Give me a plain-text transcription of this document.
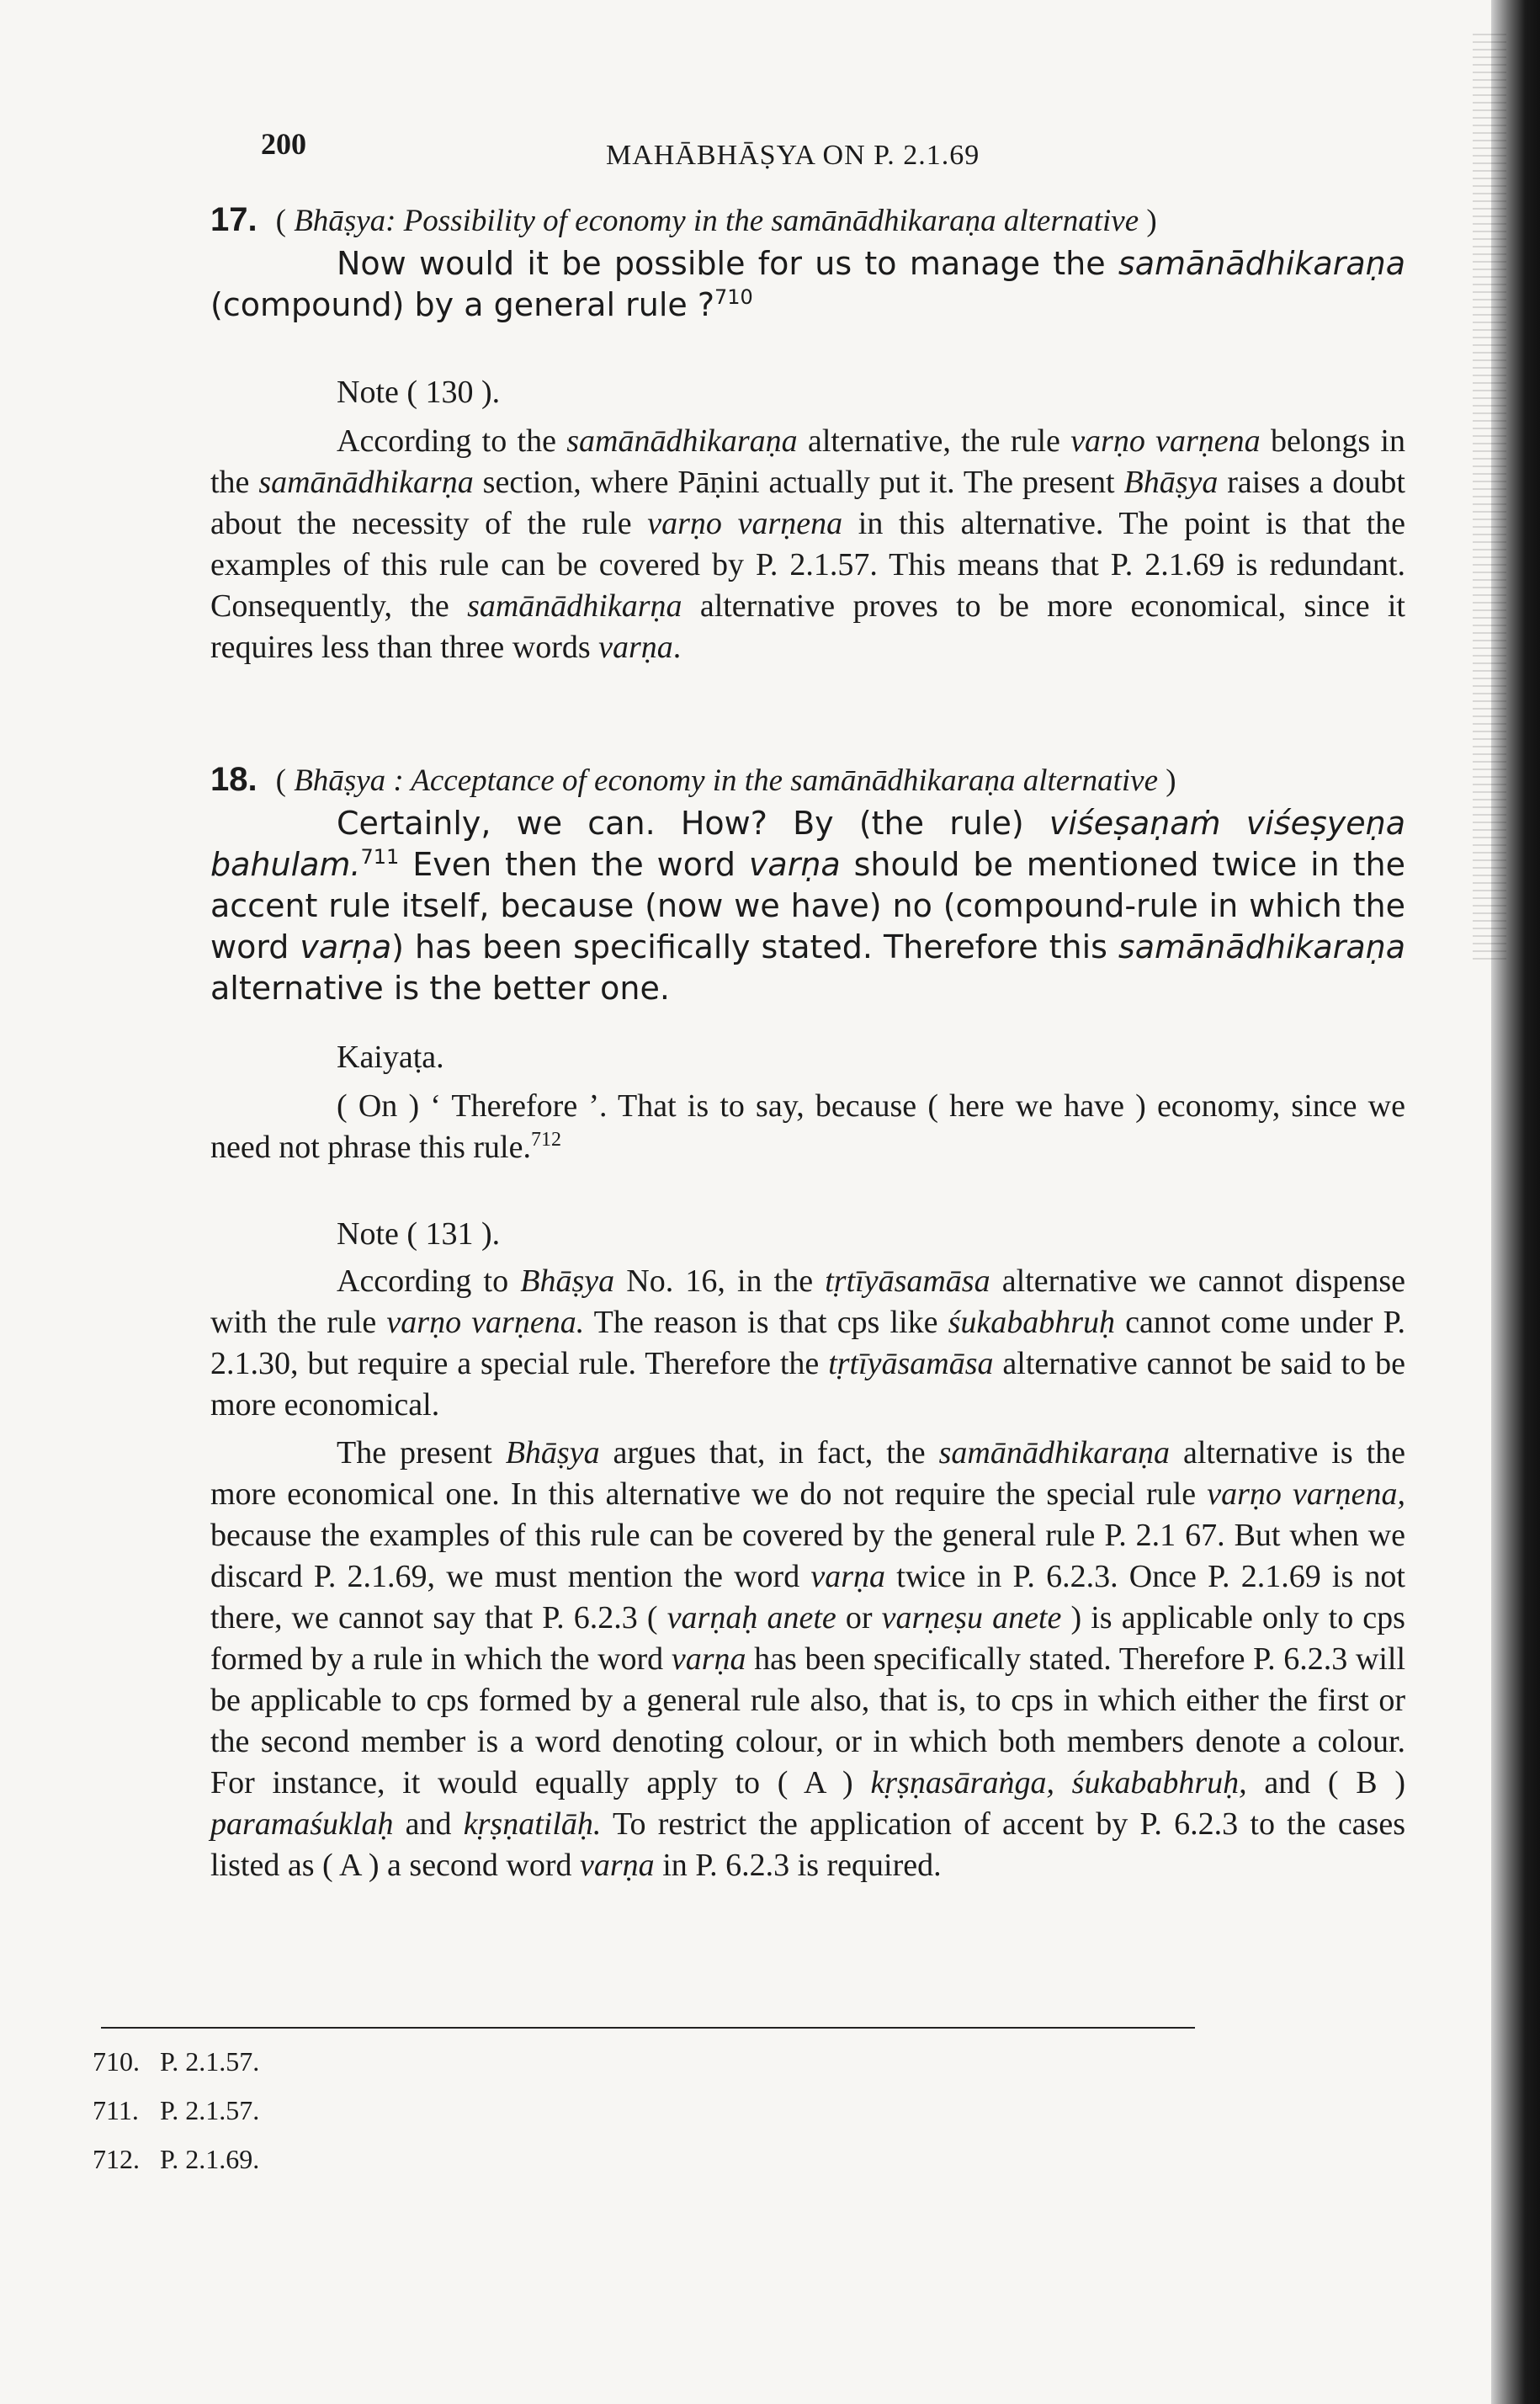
200	MAHĀBHĀṢYA ON P. 2.1.69
17. ( Bhāṣya: Possibility of economy in the samānādhikaraṇa alternative )

Now would it be possible for us to manage the samānādhikaraṇa (compound) by a general rule ?$^{710}$

Note ( 130 ).

According to the samānādhikaraṇa alternative, the rule varṇo varṇena belongs in the samānādhikarṇa section, where Pāṇini actually put it. The present Bhāṣya raises a doubt about the necessity of the rule varṇo varṇena in this alternative. The point is that the examples of this rule can be covered by P. 2.1.57. This means that P. 2.1.69 is redundant. Consequently, the samānādhikarṇa alternative proves to be more economical, since it requires less than three words varṇa.

18. ( Bhāṣya : Acceptance of economy in the samānādhikaraṇa alternative )

Certainly, we can. How? By (the rule) viśeṣaṇaṁ viśeṣyeṇa bahulam.$^{711}$ Even then the word varṇa should be mentioned twice in the accent rule itself, because (now we have) no (compound-rule in which the word varṇa) has been specifically stated. Therefore this samānādhikaraṇa alternative is the better one.

Kaiyaṭa.

( On ) ‘ Therefore ’. That is to say, because ( here we have ) economy, since we need not phrase this rule.$^{712}$

Note ( 131 ).

According to Bhāṣya No. 16, in the tṛtīyāsamāsa alternative we cannot dispense with the rule varṇo varṇena. The reason is that cps like śukababhruḥ cannot come under P. 2.1.30, but require a special rule. Therefore the tṛtīyāsamāsa alternative cannot be said to be more economical.

The present Bhāṣya argues that, in fact, the samānādhikaraṇa alternative is the more economical one. In this alternative we do not require the special rule varṇo varṇena, because the examples of this rule can be covered by the general rule P. 2.1 67. But when we discard P. 2.1.69, we must mention the word varṇa twice in P. 6.2.3. Once P. 2.1.69 is not there, we cannot say that P. 6.2.3 ( varṇaḥ anete or varṇeṣu anete ) is applicable only to cps formed by a rule in which the word varṇa has been specifically stated. Therefore P. 6.2.3 will be applicable to cps formed by a general rule also, that is, to cps in which either the first or the second member is a word denoting colour, or in which both members denote a colour. For instance, it would equally apply to ( A ) kṛṣṇasāraṅga, śukababhruḥ, and ( B ) paramaśuklaḥ and kṛṣṇatilāḥ. To restrict the application of accent by P. 6.2.3 to the cases listed as ( A ) a second word varṇa in P. 6.2.3 is required.

710. P. 2.1.57.
711. P. 2.1.57.
712. P. 2.1.69.
